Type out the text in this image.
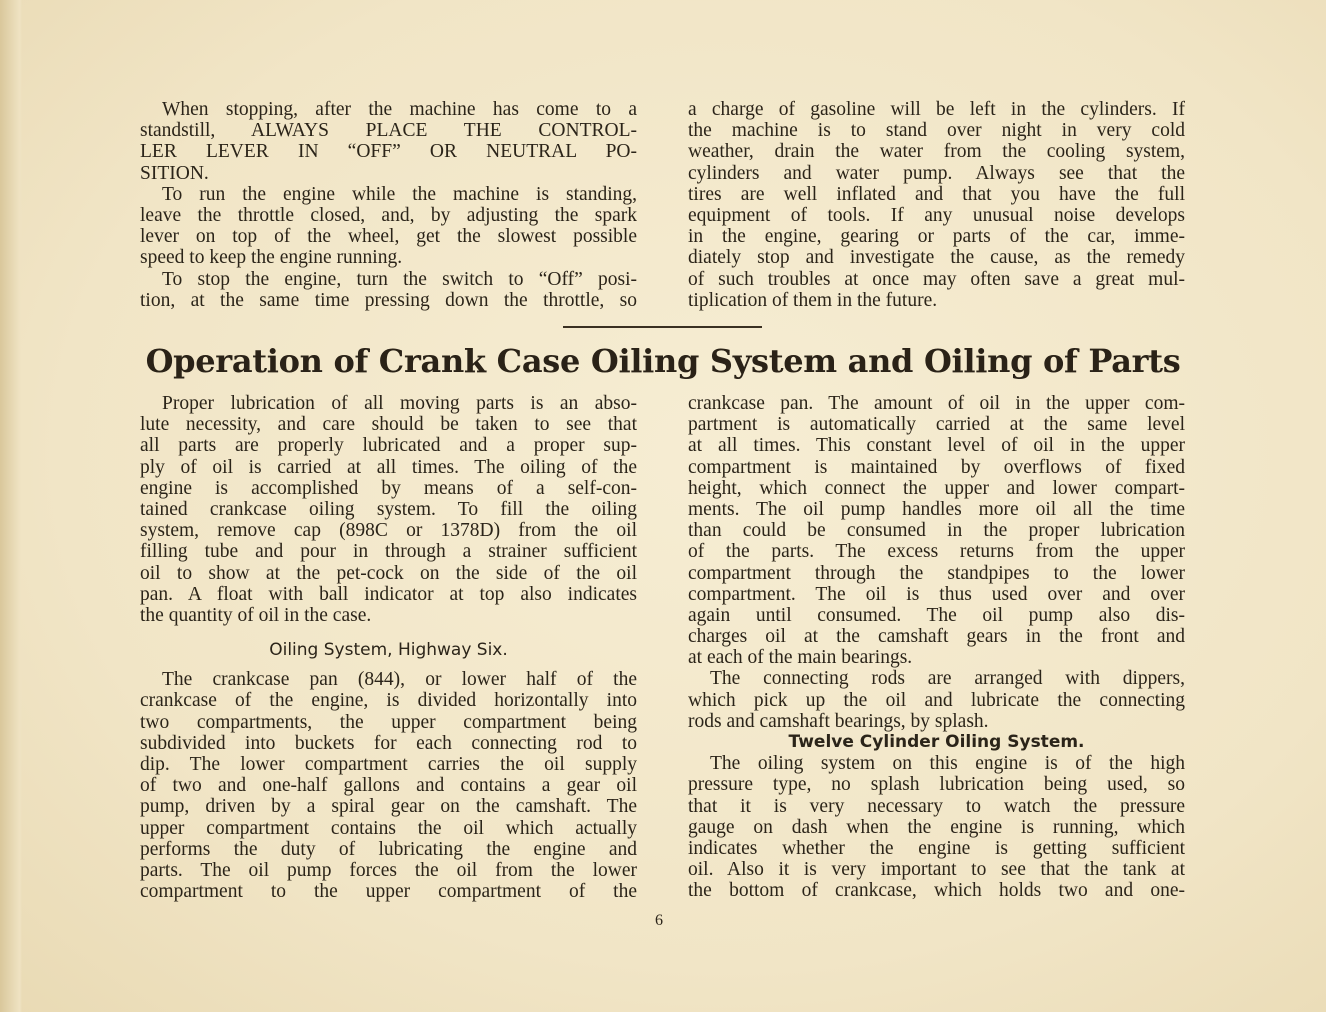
When stopping, after the machine has come to a
standstill, ALWAYS PLACE THE CONTROL-
LER LEVER IN “OFF” OR NEUTRAL PO-
SITION.
To run the engine while the machine is standing,
leave the throttle closed, and, by adjusting the spark
lever on top of the wheel, get the slowest possible
speed to keep the engine running.
To stop the engine, turn the switch to “Off” posi-
tion, at the same time pressing down the throttle, so
a charge of gasoline will be left in the cylinders. If
the machine is to stand over night in very cold
weather, drain the water from the cooling system,
cylinders and water pump. Always see that the
tires are well inflated and that you have the full
equipment of tools. If any unusual noise develops
in the engine, gearing or parts of the car, imme-
diately stop and investigate the cause, as the remedy
of such troubles at once may often save a great mul-
tiplication of them in the future.
Operation of Crank Case Oiling System and Oiling of Parts
Proper lubrication of all moving parts is an abso-
lute necessity, and care should be taken to see that
all parts are properly lubricated and a proper sup-
ply of oil is carried at all times. The oiling of the
engine is accomplished by means of a self-con-
tained crankcase oiling system. To fill the oiling
system, remove cap (898C or 1378D) from the oil
filling tube and pour in through a strainer sufficient
oil to show at the pet-cock on the side of the oil
pan. A float with ball indicator at top also indicates
the quantity of oil in the case.
Oiling System, Highway Six.
The crankcase pan (844), or lower half of the
crankcase of the engine, is divided horizontally into
two compartments, the upper compartment being
subdivided into buckets for each connecting rod to
dip. The lower compartment carries the oil supply
of two and one-half gallons and contains a gear oil
pump, driven by a spiral gear on the camshaft. The
upper compartment contains the oil which actually
performs the duty of lubricating the engine and
parts. The oil pump forces the oil from the lower
compartment to the upper compartment of the
crankcase pan. The amount of oil in the upper com-
partment is automatically carried at the same level
at all times. This constant level of oil in the upper
compartment is maintained by overflows of fixed
height, which connect the upper and lower compart-
ments. The oil pump handles more oil all the time
than could be consumed in the proper lubrication
of the parts. The excess returns from the upper
compartment through the standpipes to the lower
compartment. The oil is thus used over and over
again until consumed. The oil pump also dis-
charges oil at the camshaft gears in the front and
at each of the main bearings.
The connecting rods are arranged with dippers,
which pick up the oil and lubricate the connecting
rods and camshaft bearings, by splash.
Twelve Cylinder Oiling System.
The oiling system on this engine is of the high
pressure type, no splash lubrication being used, so
that it is very necessary to watch the pressure
gauge on dash when the engine is running, which
indicates whether the engine is getting sufficient
oil. Also it is very important to see that the tank at
the bottom of crankcase, which holds two and one-
6
